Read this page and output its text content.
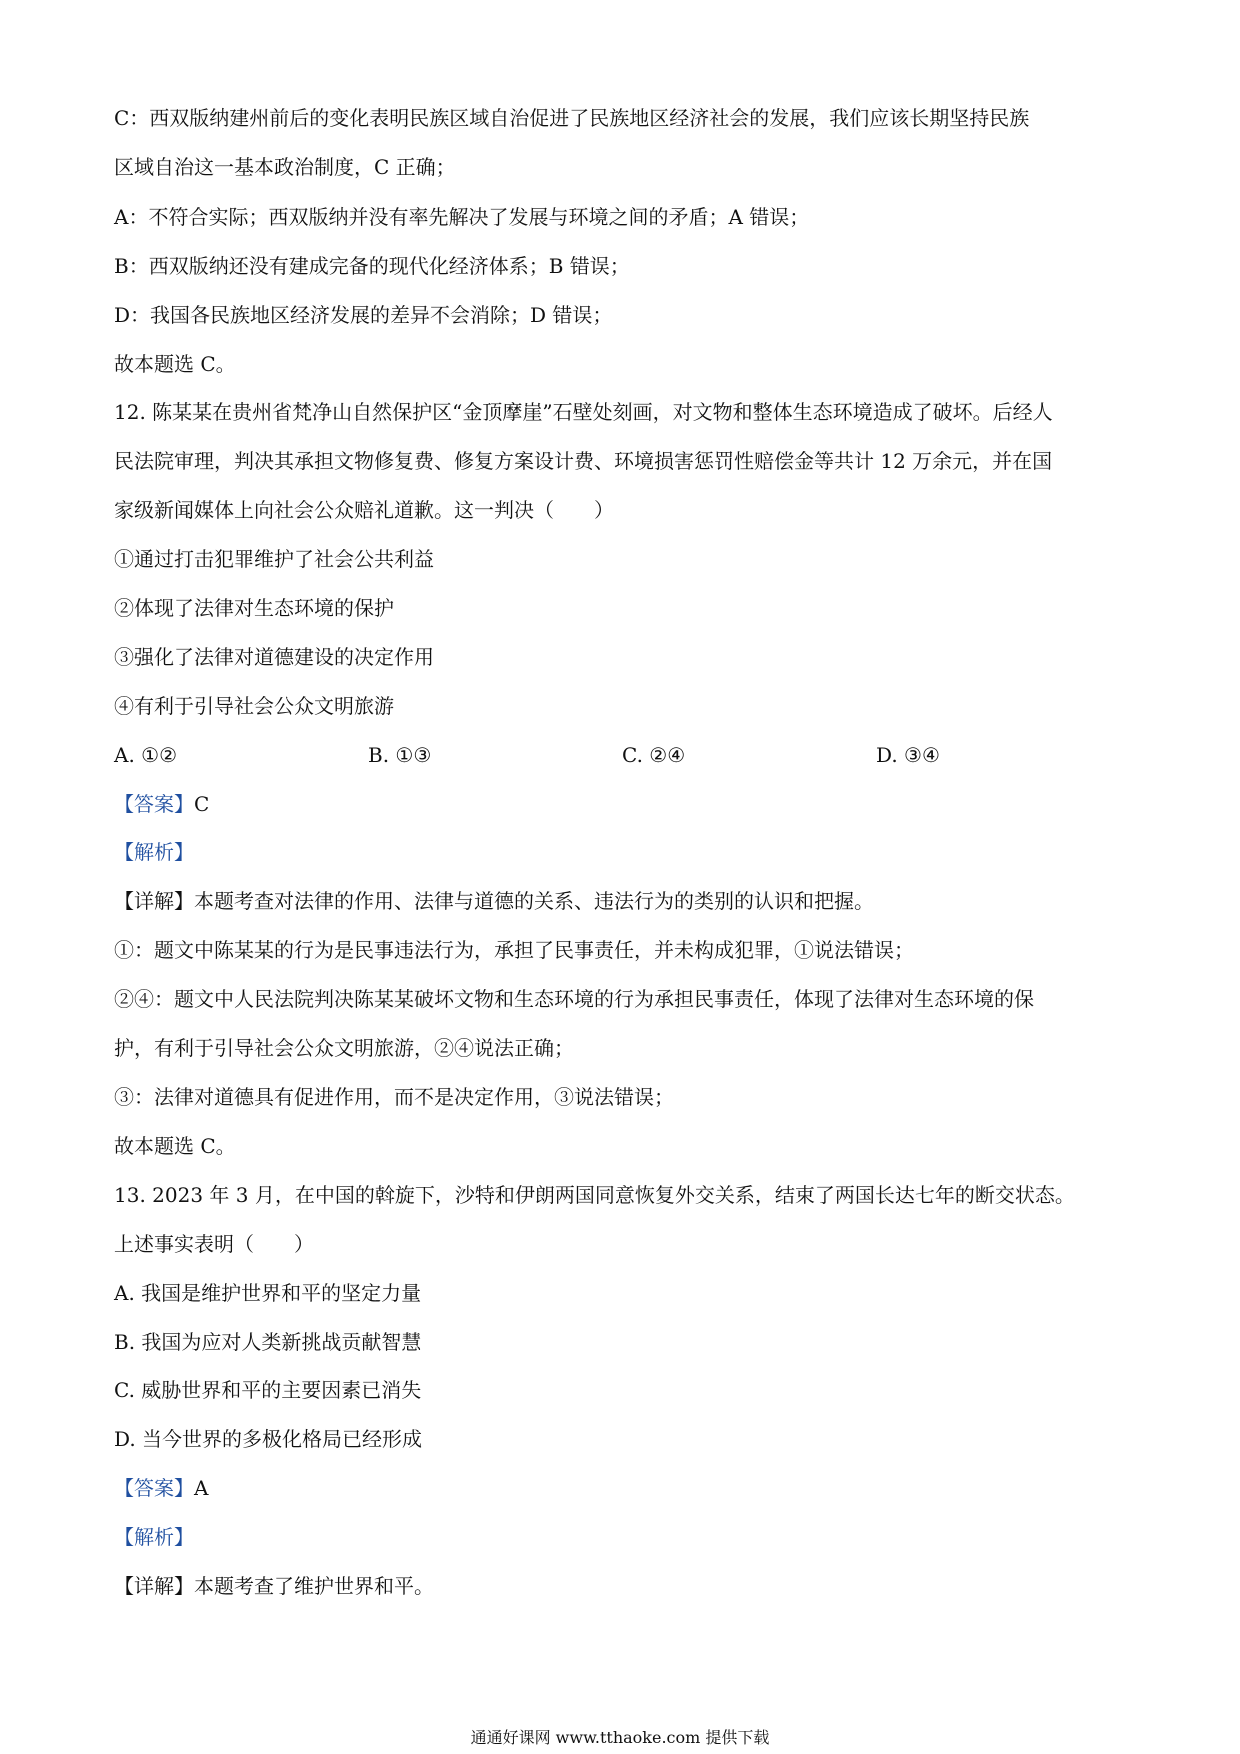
C：西双版纳建州前后的变化表明民族区域自治促进了民族地区经济社会的发展，我们应该长期坚持民族
区域自治这一基本政治制度，C 正确；
A：不符合实际；西双版纳并没有率先解决了发展与环境之间的矛盾；A 错误；
B：西双版纳还没有建成完备的现代化经济体系；B 错误；
D：我国各民族地区经济发展的差异不会消除；D 错误；
故本题选 C。
12. 陈某某在贵州省梵净山自然保护区“金顶摩崖”石壁处刻画，对文物和整体生态环境造成了破坏。后经人
民法院审理，判决其承担文物修复费、修复方案设计费、环境损害惩罚性赔偿金等共计 12 万余元，并在国
家级新闻媒体上向社会公众赔礼道歉。这一判决（　　）
①通过打击犯罪维护了社会公共利益
②体现了法律对生态环境的保护
③强化了法律对道德建设的决定作用
④有利于引导社会公众文明旅游
A. ①②	B. ①③	C. ②④	D. ③④
【答案】C
【解析】
【详解】本题考查对法律的作用、法律与道德的关系、违法行为的类别的认识和把握。
①：题文中陈某某的行为是民事违法行为，承担了民事责任，并未构成犯罪，①说法错误；
②④：题文中人民法院判决陈某某破坏文物和生态环境的行为承担民事责任，体现了法律对生态环境的保
护，有利于引导社会公众文明旅游，②④说法正确；
③：法律对道德具有促进作用，而不是决定作用，③说法错误；
故本题选 C。
13. 2023 年 3 月，在中国的斡旋下，沙特和伊朗两国同意恢复外交关系，结束了两国长达七年的断交状态。
上述事实表明（　　）
A. 我国是维护世界和平的坚定力量
B. 我国为应对人类新挑战贡献智慧
C. 威胁世界和平的主要因素已消失
D. 当今世界的多极化格局已经形成
【答案】A
【解析】
【详解】本题考查了维护世界和平。
通通好课网 www.tthaoke.com 提供下载
